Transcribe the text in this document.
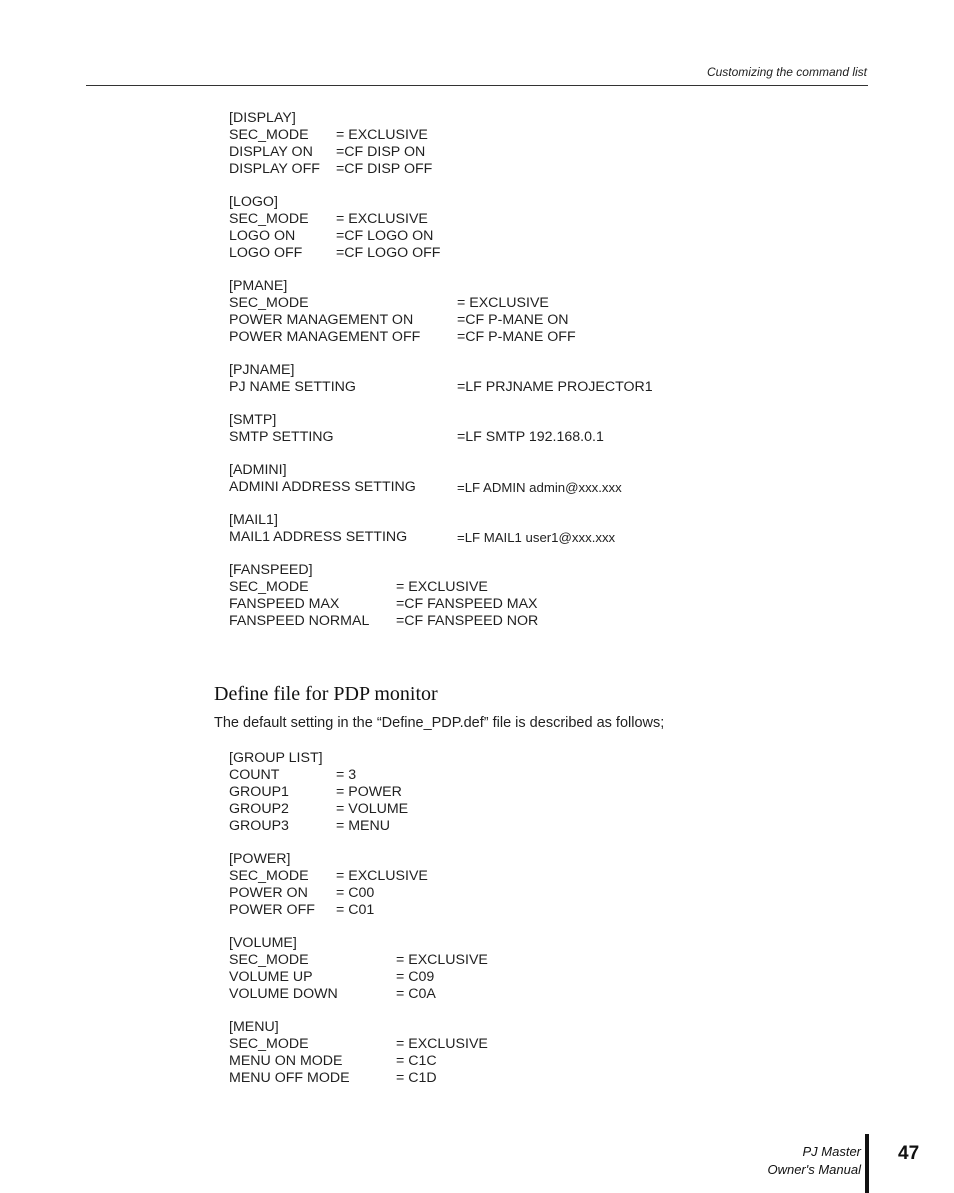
Customizing the command list
[DISPLAY]
SEC_MODE = EXCLUSIVE
DISPLAY ON =CF DISP ON
DISPLAY OFF =CF DISP OFF
[LOGO]
SEC_MODE = EXCLUSIVE
LOGO ON	=CF LOGO ON
LOGO OFF =CF LOGO OFF
[PMANE]
SEC_MODE	= EXCLUSIVE
POWER MANAGEMENT ON	=CF P-MANE ON
POWER MANAGEMENT OFF	=CF P-MANE OFF
[PJNAME]
PJ NAME SETTING	=LF PRJNAME PROJECTOR1
[SMTP]
SMTP SETTING	=LF SMTP 192.168.0.1
[ADMINI]
ADMINI ADDRESS SETTING	=LF ADMIN admin@xxx.xxx
[MAIL1]
MAIL1 ADDRESS SETTING	=LF MAIL1 user1@xxx.xxx
[FANSPEED]
SEC_MODE	= EXCLUSIVE
FANSPEED MAX	=CF FANSPEED MAX
FANSPEED NORMAL =CF FANSPEED NOR
Define file for PDP monitor
The default setting in the “Define_PDP.def” file is described as follows;
[GROUP LIST]
COUNT	= 3
GROUP1	= POWER
GROUP2	= VOLUME
GROUP3	= MENU
[POWER]
SEC_MODE = EXCLUSIVE
POWER ON = C00
POWER OFF = C01
[VOLUME]
SEC_MODE	= EXCLUSIVE
VOLUME UP	= C09
VOLUME DOWN	= C0A
[MENU]
SEC_MODE	= EXCLUSIVE
MENU ON MODE	= C1C
MENU OFF MODE	= C1D
PJ Master
Owner's Manual
47
